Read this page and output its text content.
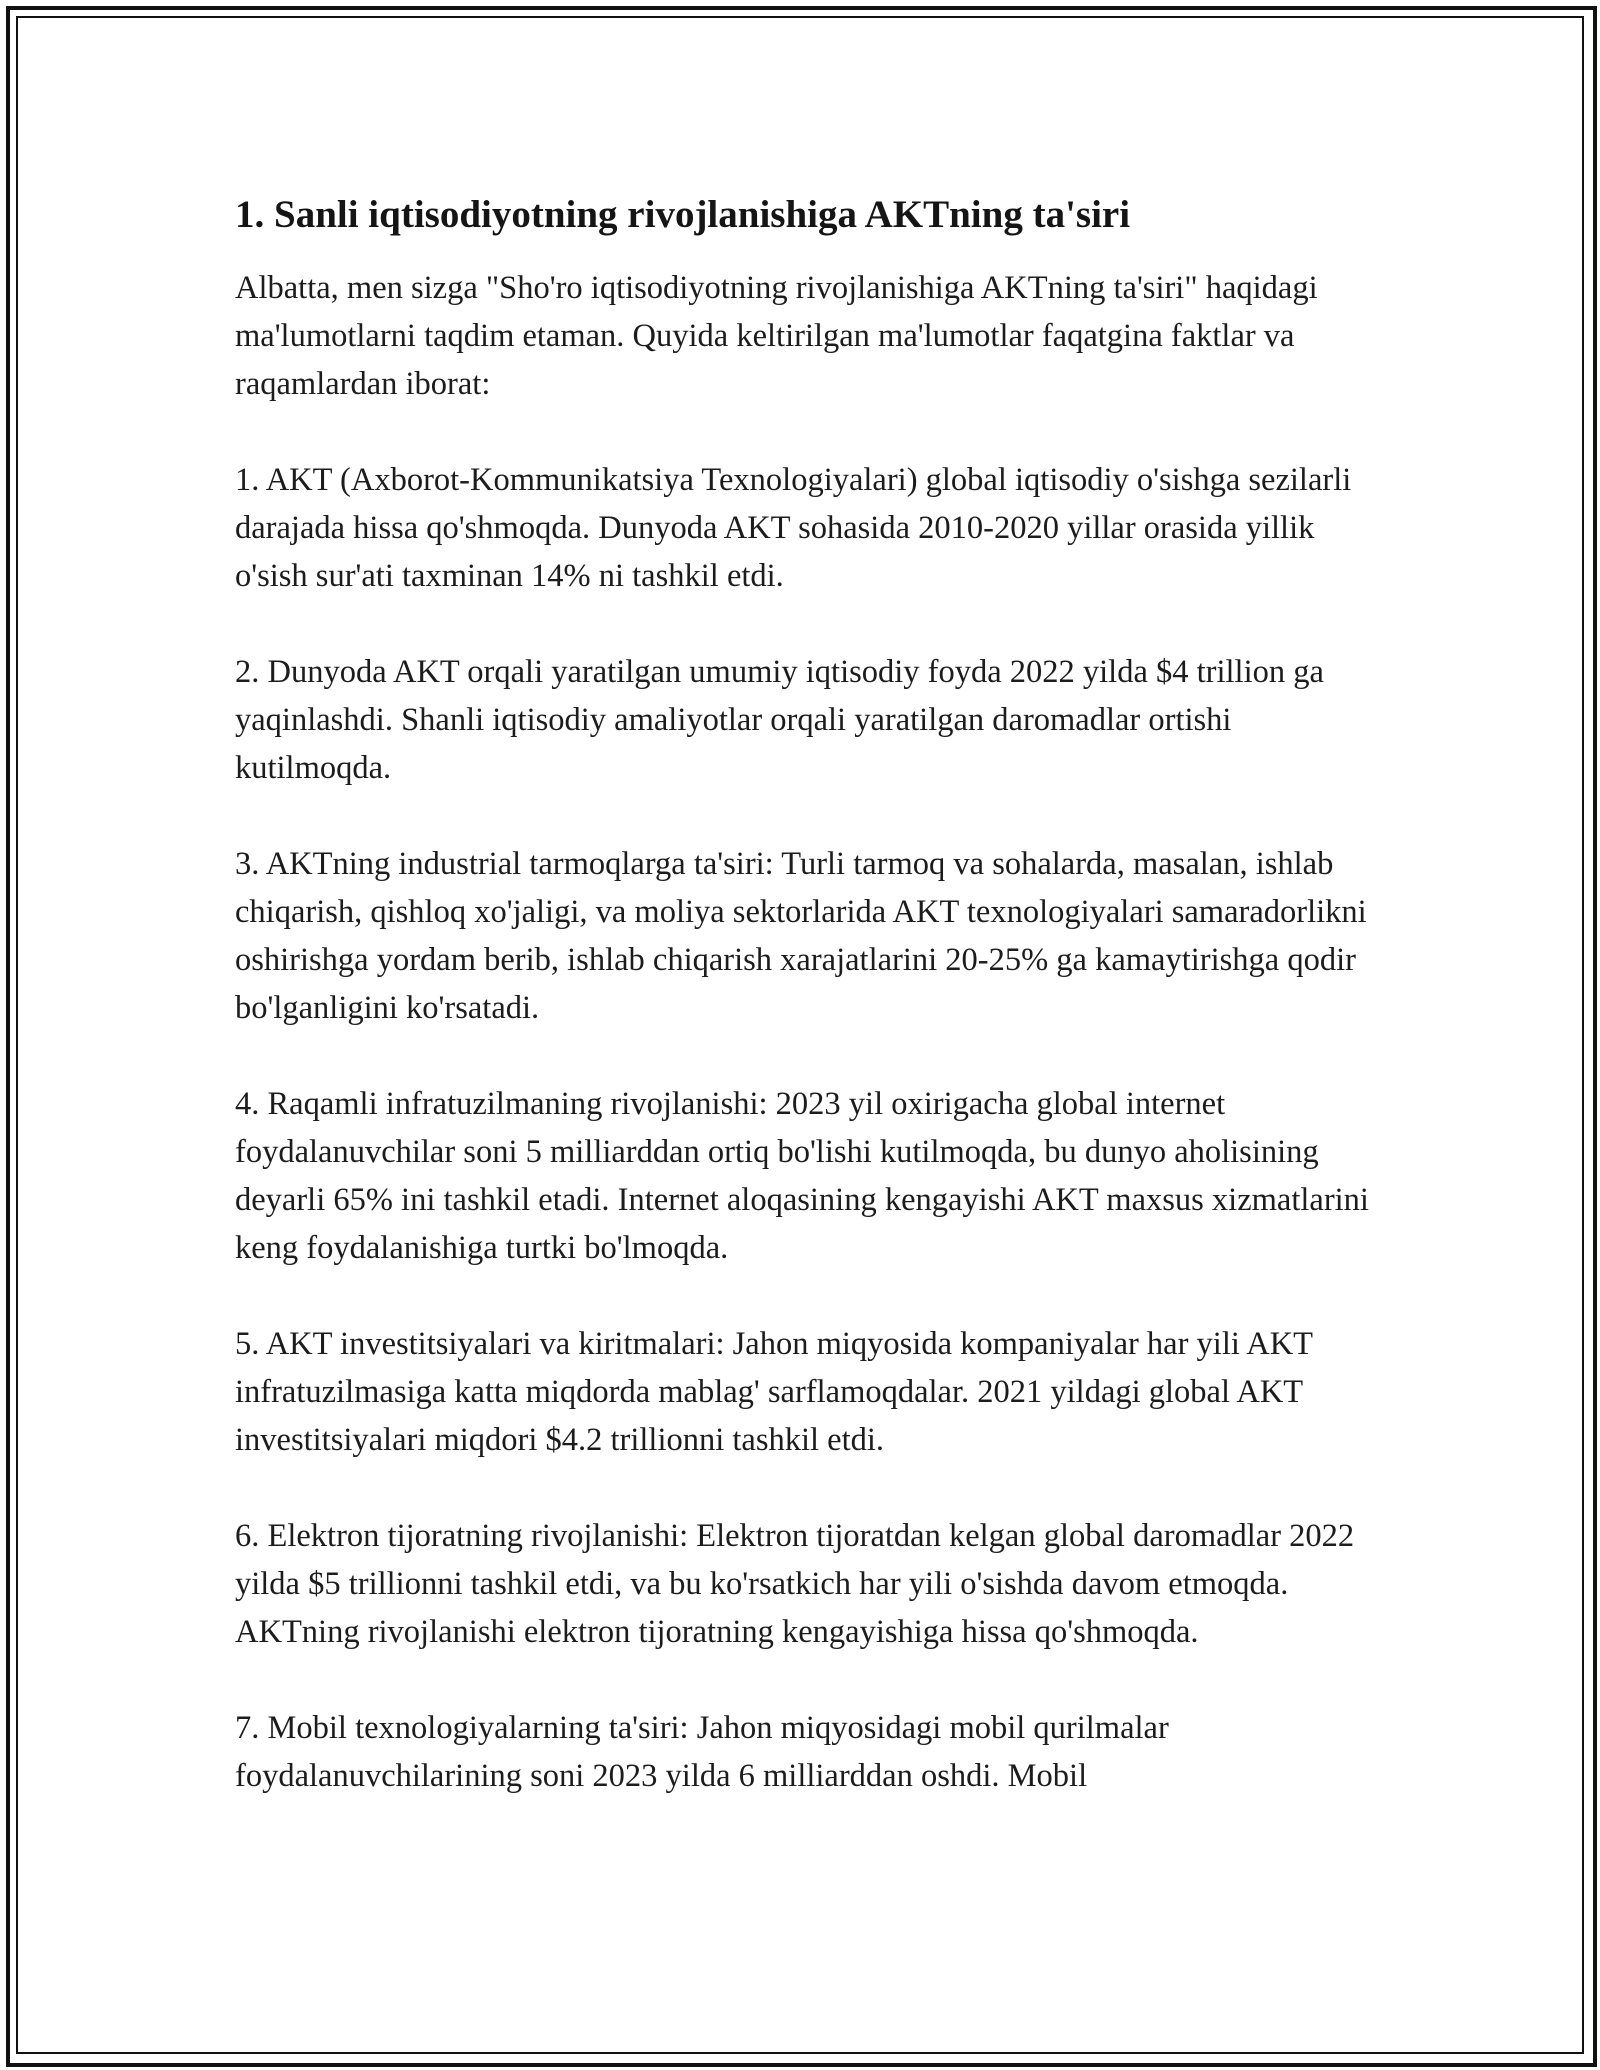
1. Sanli iqtisodiyotning rivojlanishiga AKTning ta'siri

Albatta, men sizga "Sho'ro iqtisodiyotning rivojlanishiga AKTning ta'siri" haqidagi ma'lumotlarni taqdim etaman. Quyida keltirilgan ma'lumotlar faqatgina faktlar va raqamlardan iborat:

1. AKT (Axborot-Kommunikatsiya Texnologiyalari) global iqtisodiy o'sishga sezilarli darajada hissa qo'shmoqda. Dunyoda AKT sohasida 2010-2020 yillar orasida yillik o'sish sur'ati taxminan 14% ni tashkil etdi.

2. Dunyoda AKT orqali yaratilgan umumiy iqtisodiy foyda 2022 yilda $4 trillion ga yaqinlashdi. Shanli iqtisodiy amaliyotlar orqali yaratilgan daromadlar ortishi kutilmoqda.

3. AKTning industrial tarmoqlarga ta'siri: Turli tarmoq va sohalarda, masalan, ishlab chiqarish, qishloq xo'jaligi, va moliya sektorlarida AKT texnologiyalari samaradorlikni oshirishga yordam berib, ishlab chiqarish xarajatlarini 20-25% ga kamaytirishga qodir bo'lganligini ko'rsatadi.

4. Raqamli infratuzilmaning rivojlanishi: 2023 yil oxirigacha global internet foydalanuvchilar soni 5 milliarddan ortiq bo'lishi kutilmoqda, bu dunyo aholisining deyarli 65% ini tashkil etadi. Internet aloqasining kengayishi AKT maxsus xizmatlarini keng foydalanishiga turtki bo'lmoqda.

5. AKT investitsiyalari va kiritmalari: Jahon miqyosida kompaniyalar har yili AKT infratuzilmasiga katta miqdorda mablag' sarflamoqdalar. 2021 yildagi global AKT investitsiyalari miqdori $4.2 trillionni tashkil etdi.

6. Elektron tijoratning rivojlanishi: Elektron tijoratdan kelgan global daromadlar 2022 yilda $5 trillionni tashkil etdi, va bu ko'rsatkich har yili o'sishda davom etmoqda. AKTning rivojlanishi elektron tijoratning kengayishiga hissa qo'shmoqda.

7. Mobil texnologiyalarning ta'siri: Jahon miqyosidagi mobil qurilmalar foydalanuvchilarining soni 2023 yilda 6 milliarddan oshdi. Mobil
